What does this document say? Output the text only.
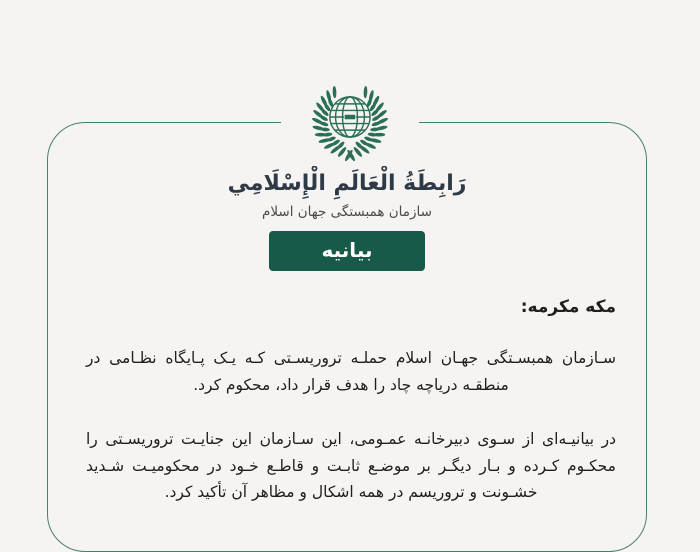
رَابِطَةُ الْعَالَمِ الْإِسْلَامِي
سازمان همبستگی جهان اسلام
بیانیه
مکه مکرمه:

سـازمان همبسـتگی جهـان اسلام حملـه تروریسـتی کـه یـک پـایگاه نظـامی در منطقـه دریاچه چاد را هدف قرار داد، محکوم کرد.

در بیانیـه‌ای از سـوی دبیرخانـه عمـومی، این سـازمان این جنایـت تروریسـتی را محکـوم کـرده و بـار دیگـر بر موضـع ثابـت و قاطـع خـود در محکومیـت شـدید خشـونت و تروریسم در همه اشکال و مظاهر آن تأکید کرد.
